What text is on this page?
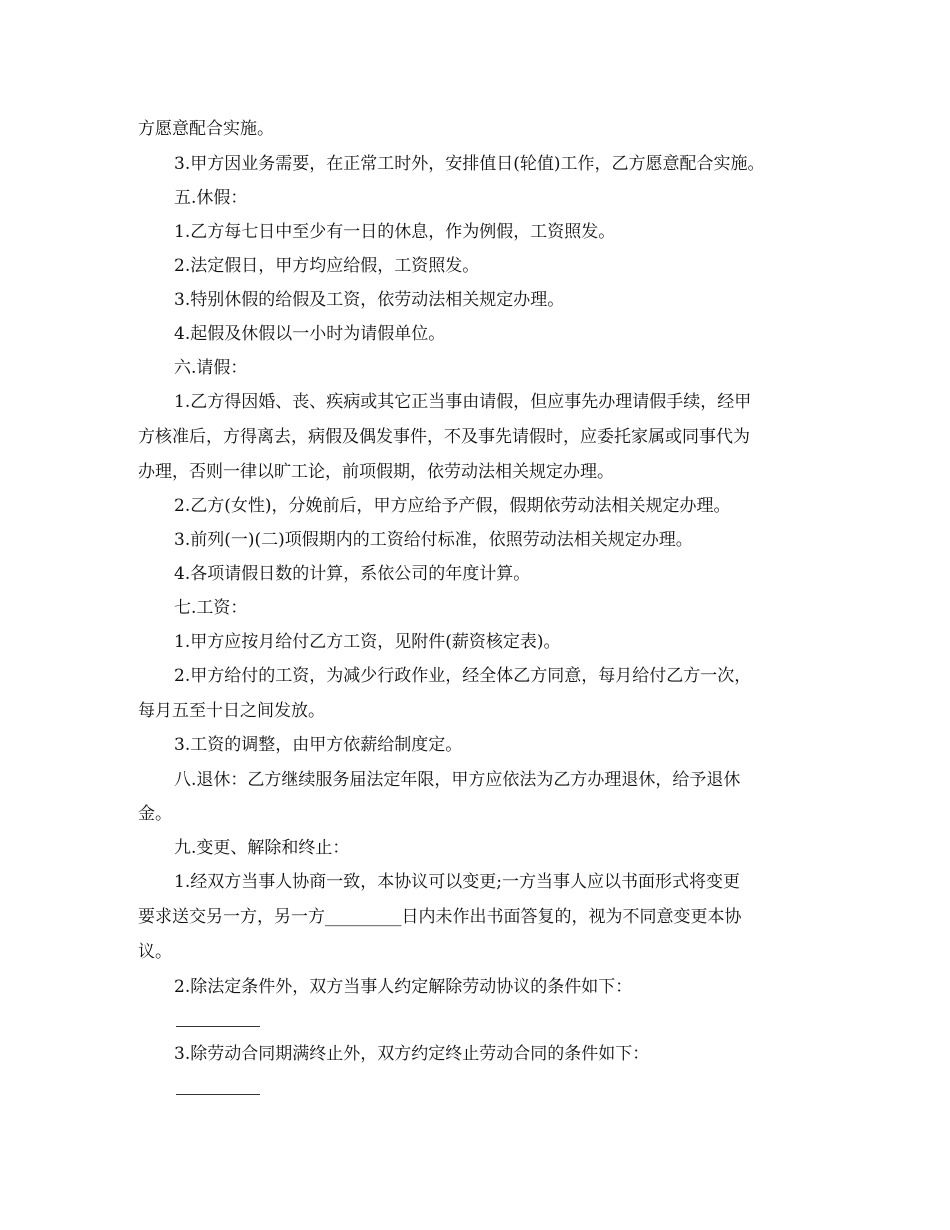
方愿意配合实施。
3.甲方因业务需要，在正常工时外，安排值日(轮值)工作，乙方愿意配合实施。
五.休假：
1.乙方每七日中至少有一日的休息，作为例假，工资照发。
2.法定假日，甲方均应给假，工资照发。
3.特别休假的给假及工资，依劳动法相关规定办理。
4.起假及休假以一小时为请假单位。
六.请假：
1.乙方得因婚、丧、疾病或其它正当事由请假，但应事先办理请假手续，经甲
方核准后，方得离去，病假及偶发事件，不及事先请假时，应委托家属或同事代为
办理，否则一律以旷工论，前项假期，依劳动法相关规定办理。
2.乙方(女性)，分娩前后，甲方应给予产假，假期依劳动法相关规定办理。
3.前列(一)(二)项假期内的工资给付标准，依照劳动法相关规定办理。
4.各项请假日数的计算，系依公司的年度计算。
七.工资：
1.甲方应按月给付乙方工资，见附件(薪资核定表)。
2.甲方给付的工资，为减少行政作业，经全体乙方同意，每月给付乙方一次，
每月五至十日之间发放。
3.工资的调整，由甲方依薪给制度定。
八.退休：乙方继续服务届法定年限，甲方应依法为乙方办理退休，给予退休
金。
九.变更、解除和终止：
1.经双方当事人协商一致，本协议可以变更;一方当事人应以书面形式将变更
要求送交另一方，另一方_________日内未作出书面答复的，视为不同意变更本协
议。
2.除法定条件外，双方当事人约定解除劳动协议的条件如下：
3.除劳动合同期满终止外，双方约定终止劳动合同的条件如下：
